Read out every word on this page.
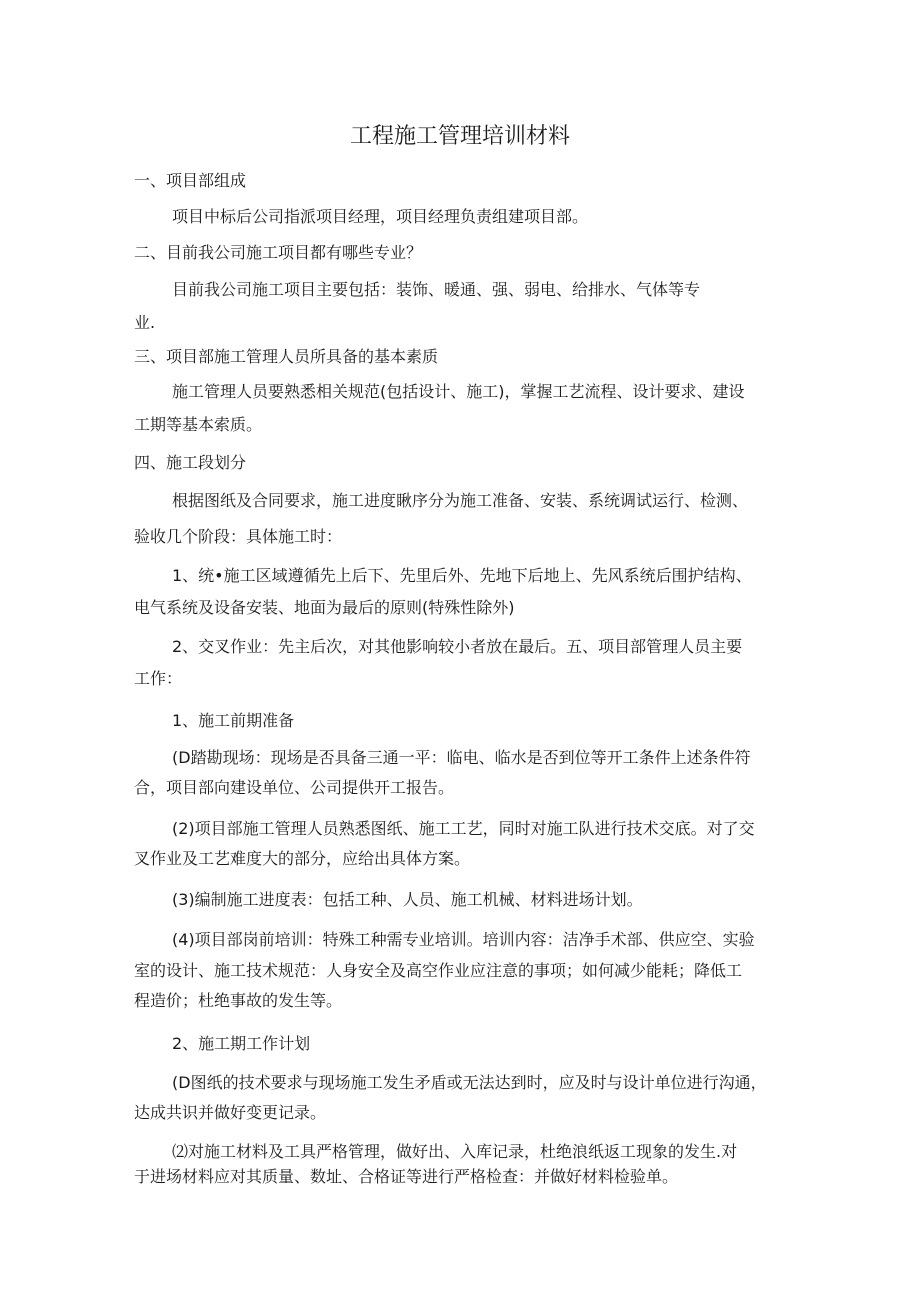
工程施工管理培训材料
一、项目部组成
项目中标后公司指派项目经理，项目经理负责组建项目部。
二、目前我公司施工项目都有哪些专业？
目前我公司施工项目主要包括：装饰、暖通、强、弱电、给排水、气体等专
业.
三、项目部施工管理人员所具备的基本素质
施工管理人员要熟悉相关规范(包括设计、施工)，掌握工艺流程、设计要求、建设
工期等基本索质。
四、施工段划分
根据图纸及合同要求，施工进度瞅序分为施工准备、安装、系统调试运行、检测、
验收几个阶段：具体施工时：
1、统•施工区域遵循先上后下、先里后外、先地下后地上、先风系统后围护结构、
电气系统及设备安装、地面为最后的原则(特殊性除外)
2、交叉作业：先主后次，对其他影响较小者放在最后。五、项目部管理人员主要
工作：
1、施工前期准备
(D踏勘现场：现场是否具备三通一平：临电、临水是否到位等开工条件上述条件符
合，项目部向建设单位、公司提供开工报告。
(2)项目部施工管理人员熟悉图纸、施工工艺，同时对施工队进行技术交底。对了交
叉作业及工艺难度大的部分，应给出具体方案。
(3)编制施工进度表：包括工种、人员、施工机械、材料进场计划。
(4)项目部岗前培训：特殊工种需专业培训。培训内容：洁净手术部、供应空、实验
室的设计、施工技术规范：人身安全及高空作业应注意的事项；如何减少能耗；降低工
程造价；杜绝事故的发生等。
2、施工期工作计划
(D图纸的技术要求与现场施工发生矛盾或无法达到时，应及时与设计单位进行沟通，
达成共识并做好变更记录。
⑵对施工材料及工具严格管理，做好出、入库记录，杜绝浪纸返工现象的发生.对
于进场材料应对其质量、数址、合格证等进行严格检查：并做好材料检验单。
